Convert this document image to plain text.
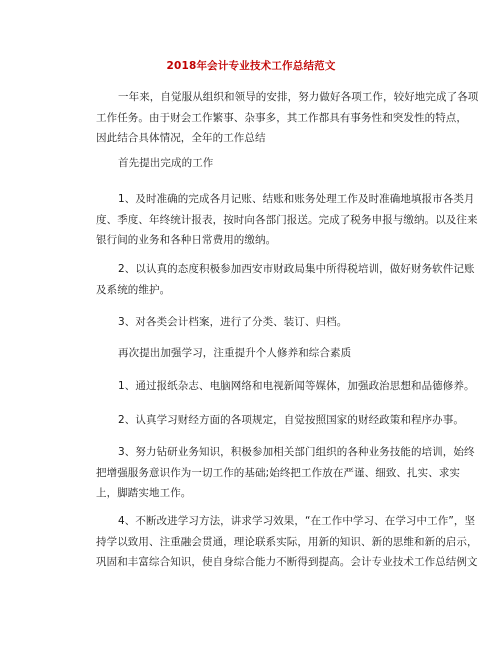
2018年会计专业技术工作总结范文
一年来，自觉服从组织和领导的安排，努力做好各项工作，较好地完成了各项
工作任务。由于财会工作繁事、杂事多，其工作都具有事务性和突发性的特点，
因此结合具体情况，全年的工作总结
首先提出完成的工作
1、及时准确的完成各月记账、结账和账务处理工作及时准确地填报市各类月
度、季度、年终统计报表，按时向各部门报送。完成了税务申报与缴纳。以及往来
银行间的业务和各种日常费用的缴纳。
2、以认真的态度积极参加西安市财政局集中所得税培训，做好财务软件记账
及系统的维护。
3、对各类会计档案，进行了分类、装订、归档。
再次提出加强学习，注重提升个人修养和综合素质
1、通过报纸杂志、电脑网络和电视新闻等媒体，加强政治思想和品德修养。
2、认真学习财经方面的各项规定，自觉按照国家的财经政策和程序办事。
3、努力钻研业务知识，积极参加相关部门组织的各种业务技能的培训，始终
把增强服务意识作为一切工作的基础;始终把工作放在严谨、细致、扎实、求实
上，脚踏实地工作。
4、不断改进学习方法，讲求学习效果，“在工作中学习、在学习中工作”，坚
持学以致用、注重融会贯通，理论联系实际，用新的知识、新的思维和新的启示，
巩固和丰富综合知识，使自身综合能力不断得到提高。会计专业技术工作总结例文
